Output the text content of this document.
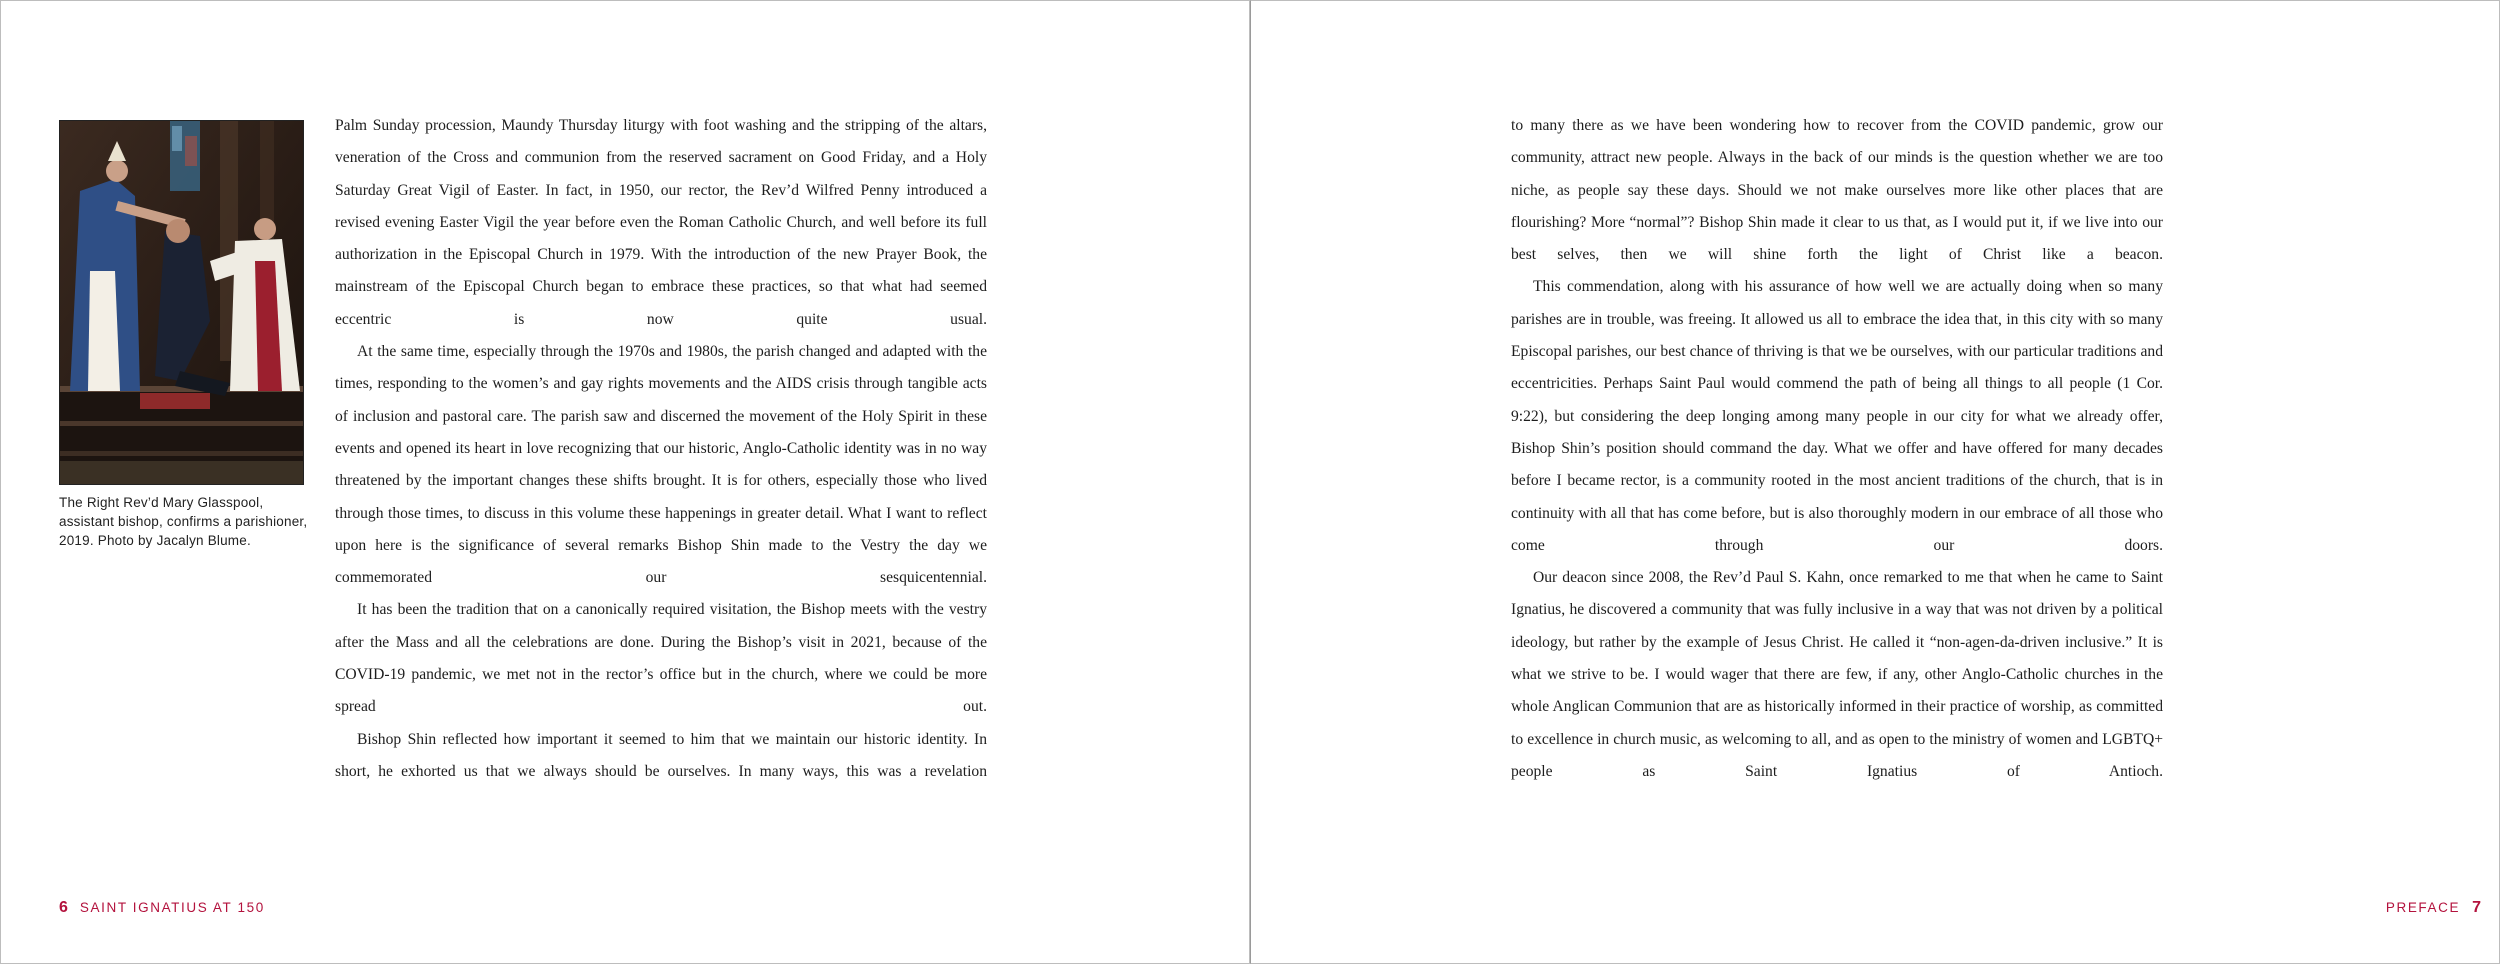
The Right Rev’d Mary Glasspool, assistant bishop, confirms a parishioner, 2019. Photo by Jacalyn Blume.

Palm Sunday procession, Maundy Thursday liturgy with foot washing and the stripping of the altars, veneration of the Cross and communion from the reserved sacrament on Good Friday, and a Holy Saturday Great Vigil of Easter. In fact, in 1950, our rector, the Rev’d Wilfred Penny introduced a revised evening Easter Vigil the year before even the Roman Catholic Church, and well before its full authorization in the Episcopal Church in 1979. With the introduction of the new Prayer Book, the mainstream of the Episcopal Church began to embrace these practices, so that what had seemed eccentric is now quite usual.

At the same time, especially through the 1970s and 1980s, the parish changed and adapted with the times, responding to the women’s and gay rights movements and the AIDS crisis through tangible acts of inclusion and pastoral care. The parish saw and discerned the movement of the Holy Spirit in these events and opened its heart in love recognizing that our historic, Anglo-Catholic identity was in no way threatened by the important changes these shifts brought. It is for others, especially those who lived through those times, to discuss in this volume these happenings in greater detail. What I want to reflect upon here is the significance of several remarks Bishop Shin made to the Vestry the day we commemorated our sesquicentennial.

It has been the tradition that on a canonically required visitation, the Bishop meets with the vestry after the Mass and all the celebrations are done. During the Bishop’s visit in 2021, because of the COVID-19 pandemic, we met not in the rector’s office but in the church, where we could be more spread out.

Bishop Shin reflected how important it seemed to him that we maintain our historic identity. In short, he exhorted us that we always should be ourselves. In many ways, this was a revelation

6 SAINT IGNATIUS AT 150

to many there as we have been wondering how to recover from the COVID pandemic, grow our community, attract new people. Always in the back of our minds is the question whether we are too niche, as people say these days. Should we not make ourselves more like other places that are flourishing? More “normal”? Bishop Shin made it clear to us that, as I would put it, if we live into our best selves, then we will shine forth the light of Christ like a beacon.

This commendation, along with his assurance of how well we are actually doing when so many parishes are in trouble, was freeing. It allowed us all to embrace the idea that, in this city with so many Episcopal parishes, our best chance of thriving is that we be ourselves, with our particular traditions and eccentricities. Perhaps Saint Paul would commend the path of being all things to all people (1 Cor. 9:22), but considering the deep longing among many people in our city for what we already offer, Bishop Shin’s position should command the day. What we offer and have offered for many decades before I became rector, is a community rooted in the most ancient traditions of the church, that is in continuity with all that has come before, but is also thoroughly modern in our embrace of all those who come through our doors.

Our deacon since 2008, the Rev’d Paul S. Kahn, once remarked to me that when he came to Saint Ignatius, he discovered a community that was fully inclusive in a way that was not driven by a political ideology, but rather by the example of Jesus Christ. He called it “non-agen-da-driven inclusive.” It is what we strive to be. I would wager that there are few, if any, other Anglo-Catholic churches in the whole Anglican Communion that are as historically informed in their practice of worship, as committed to excellence in church music, as welcoming to all, and as open to the ministry of women and LGBTQ+ people as Saint Ignatius of Antioch.

PREFACE 7
